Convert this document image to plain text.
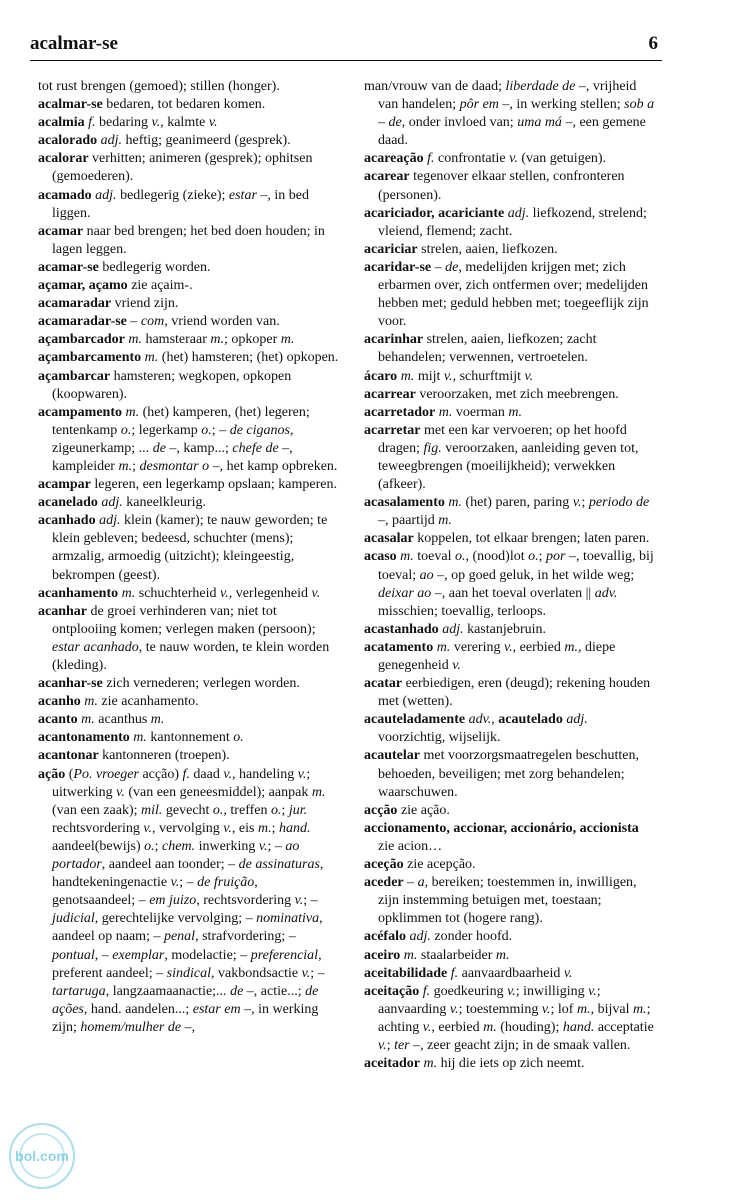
acalmar-se	6

tot rust brengen (gemoed); stillen (honger).

acalmar-se bedaren, tot bedaren komen.

acalmia f. bedaring v., kalmte v.

acalorado adj. heftig; geanimeerd (gesprek).

acalorar verhitten; animeren (gesprek); ophitsen (gemoederen).

acamado adj. bedlegerig (zieke); estar –, in bed liggen.

acamar naar bed brengen; het bed doen houden; in lagen leggen.

acamar-se bedlegerig worden.

açamar, açamo zie açaim-.

acamaradar vriend zijn.

acamaradar-se – com, vriend worden van.

açambarcador m. hamsteraar m.; opkoper m.

açambarcamento m. (het) hamsteren; (het) opkopen.

açambarcar hamsteren; wegkopen, opkopen (koopwaren).

acampamento m. (het) kamperen, (het) legeren; tentenkamp o.; legerkamp o.; – de ciganos, zigeunerkamp; ... de –, kamp...; chefe de –, kampleider m.; desmontar o –, het kamp opbreken.

acampar legeren, een legerkamp opslaan; kamperen.

acanelado adj. kaneelkleurig.

acanhado adj. klein (kamer); te nauw geworden; te klein gebleven; bedeesd, schuchter (mens); armzalig, armoedig (uitzicht); kleingeestig, bekrompen (geest).

acanhamento m. schuchterheid v., verlegenheid v.

acanhar de groei verhinderen van; niet tot ontplooiing komen; verlegen maken (persoon); estar acanhado, te nauw worden, te klein worden (kleding).

acanhar-se zich vernederen; verlegen worden.

acanho m. zie acanhamento.

acanto m. acanthus m.

acantonamento m. kantonnement o.

acantonar kantonneren (troepen).

ação (Po. vroeger acção) f. daad v., handeling v.; uitwerking v. (van een geneesmiddel); aanpak m. (van een zaak); mil. gevecht o., treffen o.; jur. rechtsvordering v., vervolging v., eis m.; hand. aandeel(bewijs) o.; chem. inwerking v.; – ao portador, aandeel aan toonder; – de assinaturas, handtekeningenactie v.; – de fruição, genotsaandeel; – em juizo, rechtsvordering v.; – judicial, gerechtelijke vervolging; – nominativa, aandeel op naam; – penal, strafvordering; – pontual, – exemplar, modelactie; – preferencial, preferent aandeel; – sindical, vakbondsactie v.; – tartaruga, langzaamaanactie;... de –, actie...; de ações, hand. aandelen...; estar em –, in werking zijn; homem/mulher de –,

man/vrouw van de daad; liberdade de –, vrijheid van handelen; pôr em –, in werking stellen; sob a – de, onder invloed van; uma má –, een gemene daad.

acareação f. confrontatie v. (van getuigen).

acarear tegenover elkaar stellen, confronteren (personen).

acariciador, acariciante adj. liefkozend, strelend; vleiend, flemend; zacht.

acariciar strelen, aaien, liefkozen.

acaridar-se – de, medelijden krijgen met; zich erbarmen over, zich ontfermen over; medelijden hebben met; geduld hebben met; toegeeflijk zijn voor.

acarinhar strelen, aaien, liefkozen; zacht behandelen; verwennen, vertroetelen.

ácaro m. mijt v., schurftmijt v.

acarrear veroorzaken, met zich meebrengen.

acarretador m. voerman m.

acarretar met een kar vervoeren; op het hoofd dragen; fig. veroorzaken, aanleiding geven tot, teweegbrengen (moeilijkheid); verwekken (afkeer).

acasalamento m. (het) paren, paring v.; periodo de –, paartijd m.

acasalar koppelen, tot elkaar brengen; laten paren.

acaso m. toeval o., (nood)lot o.; por –, toevallig, bij toeval; ao –, op goed geluk, in het wilde weg; deixar ao –, aan het toeval overlaten || adv. misschien; toevallig, terloops.

acastanhado adj. kastanjebruin.

acatamento m. verering v., eerbied m., diepe genegenheid v.

acatar eerbiedigen, eren (deugd); rekening houden met (wetten).

acauteladamente adv., acautelado adj. voorzichtig, wijselijk.

acautelar met voorzorgsmaatregelen beschutten, behoeden, beveiligen; met zorg behandelen; waarschuwen.

acção zie ação.

accionamento, accionar, accionário, accionista zie acion…

aceção zie acepção.

aceder – a, bereiken; toestemmen in, inwilligen, zijn instemming betuigen met, toestaan; opklimmen tot (hogere rang).

acéfalo adj. zonder hoofd.

aceiro m. staalarbeider m.

aceitabilidade f. aanvaardbaarheid v.

aceitação f. goedkeuring v.; inwilliging v.; aanvaarding v.; toestemming v.; lof m., bijval m.; achting v., eerbied m. (houding); hand. acceptatie v.; ter –, zeer geacht zijn; in de smaak vallen.

aceitador m. hij die iets op zich neemt.

bol.com
